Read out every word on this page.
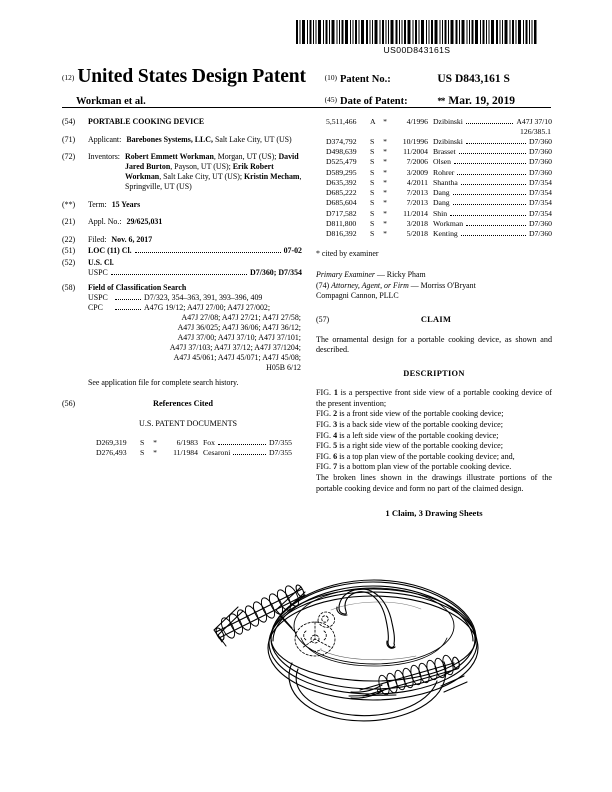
US00D843161S
(12) United States Design Patent	(10) Patent No.:	US D843,161 S
Workman et al.	(45) Date of Patent:	** Mar. 19, 2019
(54)	PORTABLE COOKING DEVICE
(71)	Applicant: Barebones Systems, LLC, Salt Lake City, UT (US)
(72)	Inventors: Robert Emmett Workman, Morgan, UT (US); David Jared Burton, Payson, UT (US); Erik Robert Workman, Salt Lake City, UT (US); Kristin Mecham, Springville, UT (US)
(**)	Term: 15 Years
(21)	Appl. No.: 29/625,031
(22)	Filed: Nov. 6, 2017
(51)	LOC (11) Cl.	07-02
(52)	U.S. Cl.
USPC	D7/360; D7/354
(58)	Field of Classification Search
USPC	D7/323, 354–363, 391, 393–396, 409
CPC	A47G 19/12; A47J 27/00; A47J 27/002;
A47J 27/08; A47J 27/21; A47J 27/58;
A47J 36/025; A47J 36/06; A47J 36/12;
A47J 37/00; A47J 37/10; A47J 37/101;
A47J 37/103; A47J 37/12; A47J 37/1204;
A47J 45/061; A47J 45/071; A47J 45/08;
H05B 6/12
See application file for complete search history.
(56)	References Cited
U.S. PATENT DOCUMENTS
D269,319	S	*	6/1983 Fox	D7/355
D276,493	S	*	11/1984 Cesaroni	D7/355
5,511,466	A *	4/1996 Dzibinski	A47J 37/10
126/385.1
D374,792	S	*	10/1996 Dzibinski	D7/360
D498,639	S	*	11/2004 Brasset	D7/360
D525,479	S	*	7/2006 Olsen	D7/360
D589,295	S	*	3/2009 Rohrer	D7/360
D635,392	S	*	4/2011 Shantha	D7/354
D685,222	S	*	7/2013 Dang	D7/354
D685,604	S	*	7/2013 Dang	D7/354
D717,582	S	*	11/2014 Shin	D7/354
D811,800	S	*	3/2018 Workman	D7/360
D816,392	S	*	5/2018 Kenting	D7/360
* cited by examiner
Primary Examiner — Ricky Pham
(74) Attorney, Agent, or Firm — Morriss O'Bryant
Compagni Cannon, PLLC
(57)	CLAIM
The ornamental design for a portable cooking device, as shown and described.
DESCRIPTION
FIG. 1 is a perspective front side view of a portable cooking device of the present invention;
FIG. 2 is a front side view of the portable cooking device;
FIG. 3 is a back side view of the portable cooking device;
FIG. 4 is a left side view of the portable cooking device;
FIG. 5 is a right side view of the portable cooking device;
FIG. 6 is a top plan view of the portable cooking device; and,
FIG. 7 is a bottom plan view of the portable cooking device.
The broken lines shown in the drawings illustrate portions of the portable cooking device and form no part of the claimed design.
1 Claim, 3 Drawing Sheets
